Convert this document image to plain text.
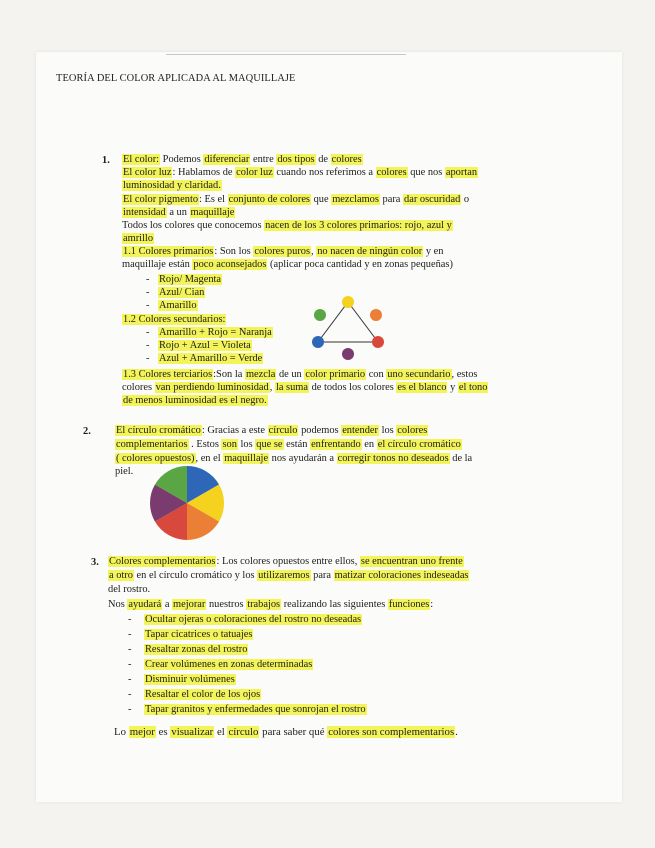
TEORÍA DEL COLOR APLICADA AL MAQUILLAJE

1. El color: Podemos diferenciar entre dos tipos de colores

El color luz: Hablamos de color luz cuando nos referimos a colores que nos aportan

luminosidad y claridad.

El color pigmento: Es el conjunto de colores que mezclamos para dar oscuridad o

intensidad a un maquillaje

Todos los colores que conocemos nacen de los 3 colores primarios: rojo, azul y

amrillo

1.1 Colores primarios: Son los colores puros, no nacen de ningún color y en

maquillaje están poco aconsejados (aplicar poca cantidad y en zonas pequeñas)

- Rojo/ Magenta

- Azul/ Cian

- Amarillo

1.2 Colores secundarios:

- Amarillo + Rojo = Naranja

- Rojo + Azul = Violeta

- Azul + Amarillo = Verde

1.3 Colores terciarios:Son la mezcla de un color primario con uno secundario, estos

colores van perdiendo luminosidad, la suma de todos los colores es el blanco y el tono

de menos luminosidad es el negro.

2. El círculo cromático: Gracias a este círculo podemos entender los colores

complementarios . Estos son los que se están enfrentando en el círculo cromático

( colores opuestos), en el maquillaje nos ayudarán a corregir tonos no deseados de la

piel.

3. Colores complementarios: Los colores opuestos entre ellos, se encuentran uno frente

a otro en el círculo cromático y los utilizaremos para matizar coloraciones indeseadas

del rostro.

Nos ayudará a mejorar nuestros trabajos realizando las siguientes funciones:

- Ocultar ojeras o coloraciones del rostro no deseadas

- Tapar cicatrices o tatuajes

- Resaltar zonas del rostro

- Crear volúmenes en zonas determinadas

- Disminuir volúmenes

- Resaltar el color de los ojos

- Tapar granitos y enfermedades que sonrojan el rostro

Lo mejor es visualizar el círculo para saber qué colores son complementarios.
